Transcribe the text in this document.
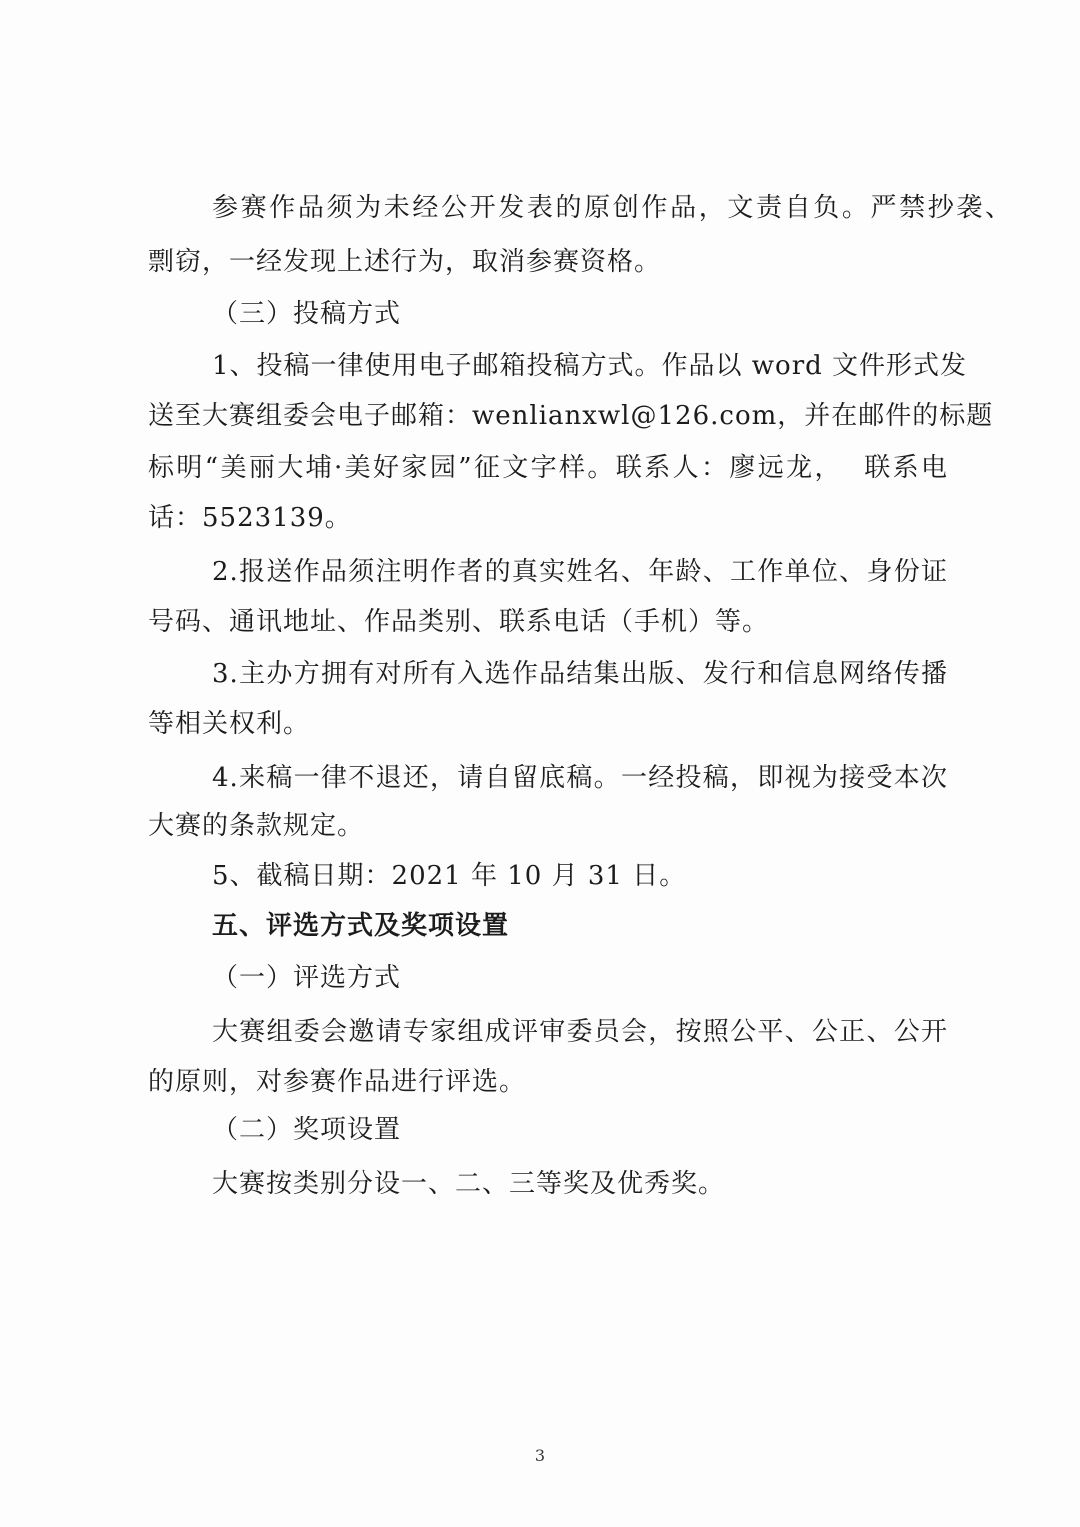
参赛作品须为未经公开发表的原创作品，文责自负。严禁抄袭、
剽窃，一经发现上述行为，取消参赛资格。
（三）投稿方式
1、投稿一律使用电子邮箱投稿方式。作品以 word 文件形式发
送至大赛组委会电子邮箱：wenlianxwl@126.com，并在邮件的标题
标明“美丽大埔·美好家园”征文字样。联系人：廖远龙，  联系电
话：5523139。
2.报送作品须注明作者的真实姓名、年龄、工作单位、身份证
号码、通讯地址、作品类别、联系电话（手机）等。
3.主办方拥有对所有入选作品结集出版、发行和信息网络传播
等相关权利。
4.来稿一律不退还，请自留底稿。一经投稿，即视为接受本次
大赛的条款规定。
5、截稿日期：2021 年 10 月 31 日。
五、评选方式及奖项设置
（一）评选方式
大赛组委会邀请专家组成评审委员会，按照公平、公正、公开
的原则，对参赛作品进行评选。
（二）奖项设置
大赛按类别分设一、二、三等奖及优秀奖。
3
